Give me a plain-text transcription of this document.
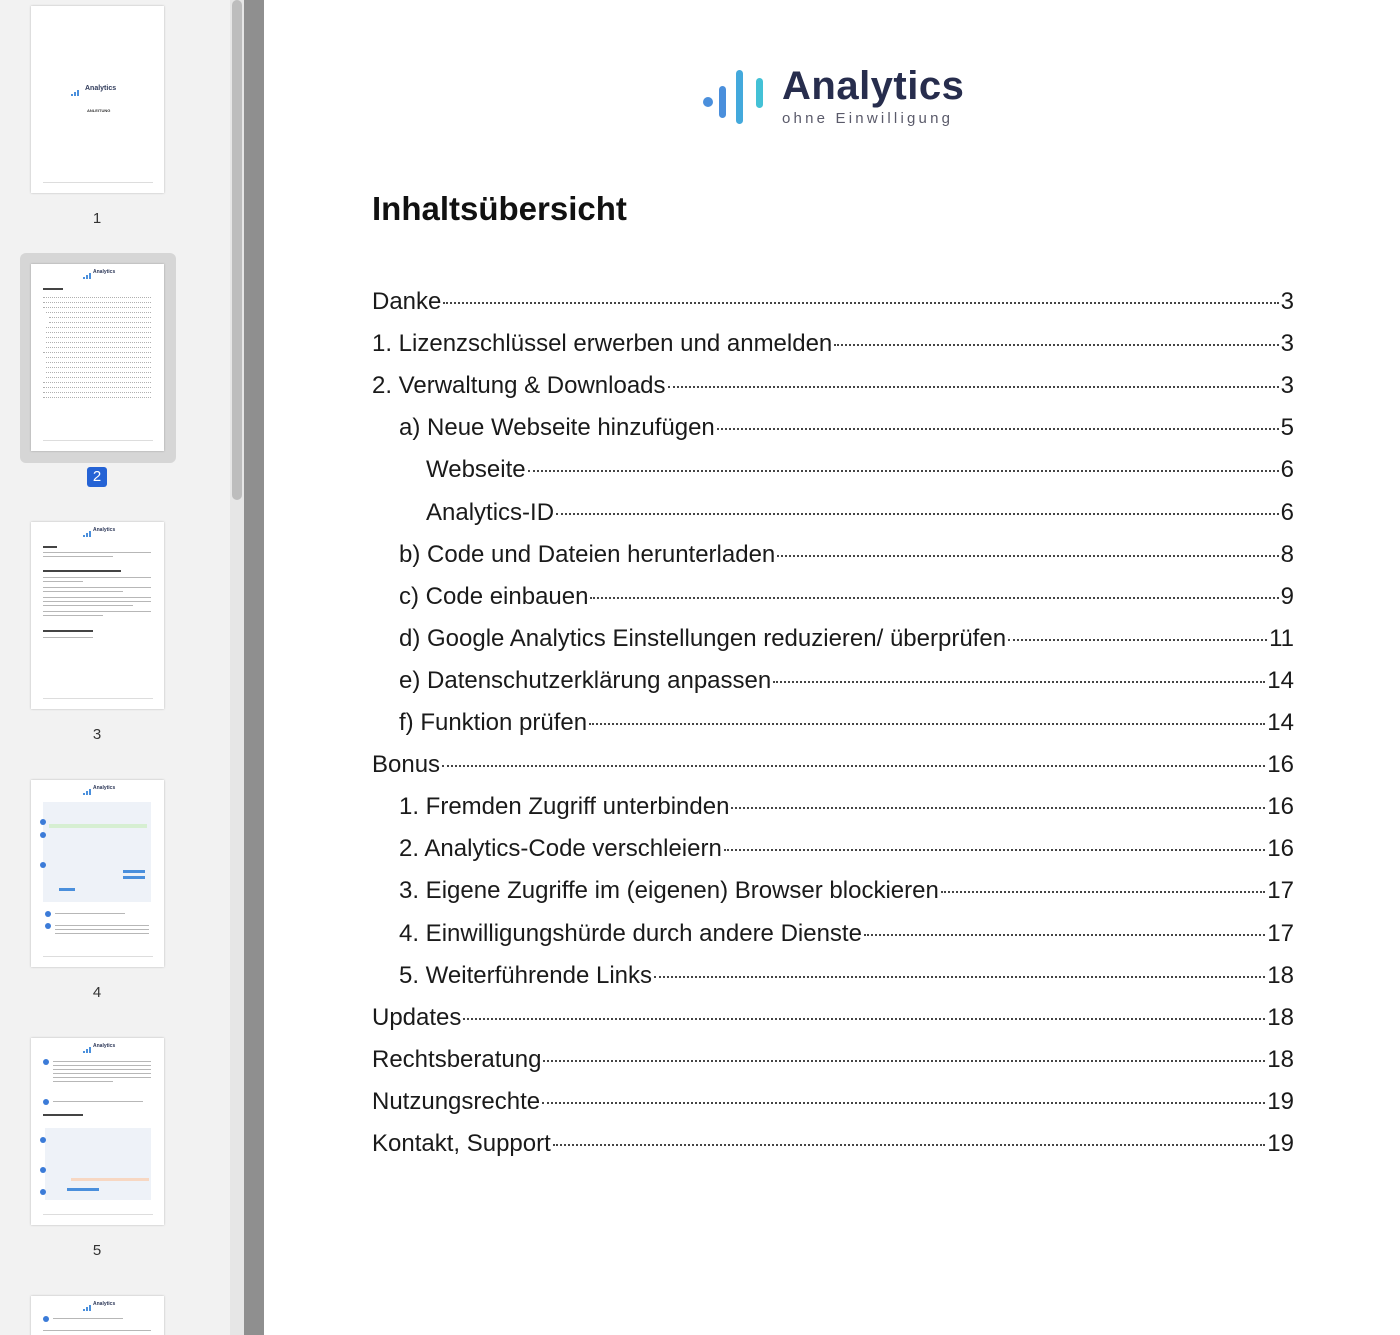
Analytics
ANLEITUNG
1
Analytics
2
Analytics
3
Analytics
4
Analytics
5
Analytics
Analytics
ohne Einwilligung
Inhaltsübersicht
Danke	3
1. Lizenzschlüssel erwerben und anmelden	3
2. Verwaltung & Downloads	3
a) Neue Webseite hinzufügen	5
Webseite	6
Analytics-ID	6
b) Code und Dateien herunterladen	8
c) Code einbauen	9
d) Google Analytics Einstellungen reduzieren/ überprüfen	11
e) Datenschutzerklärung anpassen	14
f) Funktion prüfen	14
Bonus	16
1. Fremden Zugriff unterbinden	16
2. Analytics-Code verschleiern	16
3. Eigene Zugriffe im (eigenen) Browser blockieren	17
4. Einwilligungshürde durch andere Dienste	17
5. Weiterführende Links	18
Updates	18
Rechtsberatung	18
Nutzungsrechte	19
Kontakt, Support	19
